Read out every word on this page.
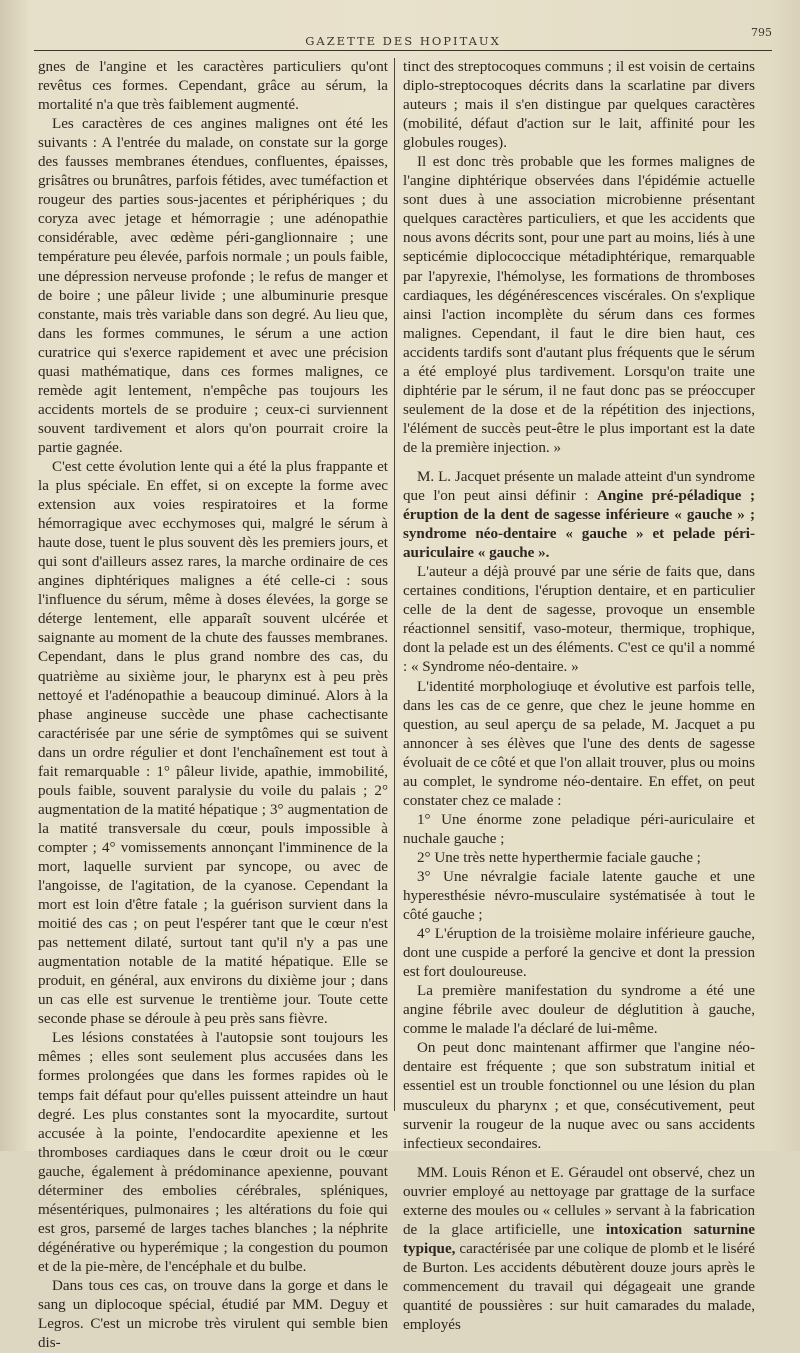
GAZETTE DES HOPITAUX
795

gnes de l'angine et les caractères particuliers qu'ont revêtus ces formes. Cependant, grâce au sérum, la mortalité n'a que très faiblement augmenté.

Les caractères de ces angines malignes ont été les suivants : A l'entrée du malade, on constate sur la gorge des fausses membranes étendues, confluentes, épaisses, grisâtres ou brunâtres, parfois fétides, avec tuméfaction et rougeur des parties sous-jacentes et périphériques ; du coryza avec jetage et hémorragie ; une adénopathie considérable, avec œdème péri-ganglionnaire ; une température peu élevée, parfois normale ; un pouls faible, une dépression nerveuse profonde ; le refus de manger et de boire ; une pâleur livide ; une albuminurie presque constante, mais très variable dans son degré. Au lieu que, dans les formes communes, le sérum a une action curatrice qui s'exerce rapidement et avec une précision quasi mathématique, dans ces formes malignes, ce remède agit lentement, n'empêche pas toujours les accidents mortels de se produire ; ceux-ci surviennent souvent tardivement et alors qu'on pourrait croire la partie gagnée.

C'est cette évolution lente qui a été la plus frappante et la plus spéciale. En effet, si on excepte la forme avec extension aux voies respiratoires et la forme hémorragique avec ecchymoses qui, malgré le sérum à haute dose, tuent le plus souvent dès les premiers jours, et qui sont d'ailleurs assez rares, la marche ordinaire de ces angines diphtériques malignes a été celle-ci : sous l'influence du sérum, même à doses élevées, la gorge se déterge lentement, elle apparaît souvent ulcérée et saignante au moment de la chute des fausses membranes. Cependant, dans le plus grand nombre des cas, du quatrième au sixième jour, le pharynx est à peu près nettoyé et l'adénopathie a beaucoup diminué. Alors à la phase angineuse succède une phase cachectisante caractérisée par une série de symptômes qui se suivent dans un ordre régulier et dont l'enchaînement est tout à fait remarquable : 1° pâleur livide, apathie, immobilité, pouls faible, souvent paralysie du voile du palais ; 2° augmentation de la matité hépatique ; 3° augmentation de la matité transversale du cœur, pouls impossible à compter ; 4° vomissements annonçant l'imminence de la mort, laquelle survient par syncope, ou avec de l'angoisse, de l'agitation, de la cyanose. Cependant la mort est loin d'être fatale ; la guérison survient dans la moitié des cas ; on peut l'espérer tant que le cœur n'est pas nettement dilaté, surtout tant qu'il n'y a pas une augmentation notable de la matité hépatique. Elle se produit, en général, aux environs du dixième jour ; dans un cas elle est survenue le trentième jour. Toute cette seconde phase se déroule à peu près sans fièvre.

Les lésions constatées à l'autopsie sont toujours les mêmes ; elles sont seulement plus accusées dans les formes prolongées que dans les formes rapides où le temps fait défaut pour qu'elles puissent atteindre un haut degré. Les plus constantes sont la myocardite, surtout accusée à la pointe, l'endocardite apexienne et les thromboses cardiaques dans le cœur droit ou le cœur gauche, également à prédominance apexienne, pouvant déterminer des embolies cérébrales, spléniques, mésentériques, pulmonaires ; les altérations du foie qui est gros, parsemé de larges taches blanches ; la néphrite dégénérative ou hyperémique ; la congestion du poumon et de la pie-mère, de l'encéphale et du bulbe.

Dans tous ces cas, on trouve dans la gorge et dans le sang un diplocoque spécial, étudié par MM. Deguy et Legros. C'est un microbe très virulent qui semble bien dis-

tinct des streptocoques communs ; il est voisin de certains diplo-streptocoques décrits dans la scarlatine par divers auteurs ; mais il s'en distingue par quelques caractères (mobilité, défaut d'action sur le lait, affinité pour les globules rouges).

Il est donc très probable que les formes malignes de l'angine diphtérique observées dans l'épidémie actuelle sont dues à une association microbienne présentant quelques caractères particuliers, et que les accidents que nous avons décrits sont, pour une part au moins, liés à une septicémie diplococcique métadiphtérique, remarquable par l'apyrexie, l'hémolyse, les formations de thromboses cardiaques, les dégénérescences viscérales. On s'explique ainsi l'action incomplète du sérum dans ces formes malignes. Cependant, il faut le dire bien haut, ces accidents tardifs sont d'autant plus fréquents que le sérum a été employé plus tardivement. Lorsqu'on traite une diphtérie par le sérum, il ne faut donc pas se préoccuper seulement de la dose et de la répétition des injections, l'élément de succès peut-être le plus important est la date de la première injection. »

M. L. Jacquet présente un malade atteint d'un syndrome que l'on peut ainsi définir : Angine pré-péladique ; éruption de la dent de sagesse inférieure « gauche » ; syndrome néo-dentaire « gauche » et pelade péri-auriculaire « gauche ».

L'auteur a déjà prouvé par une série de faits que, dans certaines conditions, l'éruption dentaire, et en particulier celle de la dent de sagesse, provoque un ensemble réactionnel sensitif, vaso-moteur, thermique, trophique, dont la pelade est un des éléments. C'est ce qu'il a nommé : « Syndrome néo-dentaire. »

L'identité morphologiuqe et évolutive est parfois telle, dans les cas de ce genre, que chez le jeune homme en question, au seul aperçu de sa pelade, M. Jacquet a pu annoncer à ses élèves que l'une des dents de sagesse évoluait de ce côté et que l'on allait trouver, plus ou moins au complet, le syndrome néo-dentaire. En effet, on peut constater chez ce malade :

1° Une énorme zone peladique péri-auriculaire et nuchale gauche ;

2° Une très nette hyperthermie faciale gauche ;

3° Une névralgie faciale latente gauche et une hyperesthésie névro-musculaire systématisée à tout le côté gauche ;

4° L'éruption de la troisième molaire inférieure gauche, dont une cuspide a perforé la gencive et dont la pression est fort douloureuse.

La première manifestation du syndrome a été une angine fébrile avec douleur de déglutition à gauche, comme le malade l'a déclaré de lui-même.

On peut donc maintenant affirmer que l'angine néo-dentaire est fréquente ; que son substratum initial et essentiel est un trouble fonctionnel ou une lésion du plan musculeux du pharynx ; et que, consécutivement, peut survenir la rougeur de la nuque avec ou sans accidents infectieux secondaires.

MM. Louis Rénon et E. Géraudel ont observé, chez un ouvrier employé au nettoyage par grattage de la surface externe des moules ou « cellules » servant à la fabrication de la glace artificielle, une intoxication saturnine typique, caractérisée par une colique de plomb et le liséré de Burton. Les accidents débutèrent douze jours après le commencement du travail qui dégageait une grande quantité de poussières : sur huit camarades du malade, employés
